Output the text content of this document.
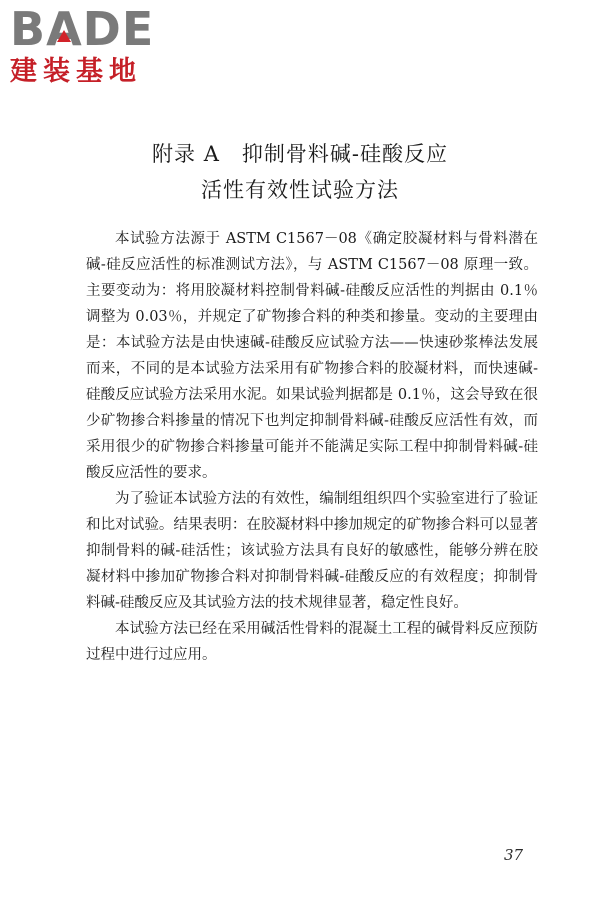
B A D E
建装基地
附录 A　抑制骨料碱-硅酸反应
活性有效性试验方法

本试验方法源于 ASTM C1567－08《确定胶凝材料与骨料潜在碱-硅反应活性的标准测试方法》，与 ASTM C1567－08 原理一致。主要变动为：将用胶凝材料控制骨料碱-硅酸反应活性的判据由 0.1％调整为 0.03％，并规定了矿物掺合料的种类和掺量。变动的主要理由是：本试验方法是由快速碱-硅酸反应试验方法——快速砂浆棒法发展而来，不同的是本试验方法采用有矿物掺合料的胶凝材料，而快速碱-硅酸反应试验方法采用水泥。如果试验判据都是 0.1％，这会导致在很少矿物掺合料掺量的情况下也判定抑制骨料碱-硅酸反应活性有效，而采用很少的矿物掺合料掺量可能并不能满足实际工程中抑制骨料碱-硅酸反应活性的要求。

为了验证本试验方法的有效性，编制组组织四个实验室进行了验证和比对试验。结果表明：在胶凝材料中掺加规定的矿物掺合料可以显著抑制骨料的碱-硅活性；该试验方法具有良好的敏感性，能够分辨在胶凝材料中掺加矿物掺合料对抑制骨料碱-硅酸反应的有效程度；抑制骨料碱-硅酸反应及其试验方法的技术规律显著，稳定性良好。

本试验方法已经在采用碱活性骨料的混凝土工程的碱骨料反应预防过程中进行过应用。

37
